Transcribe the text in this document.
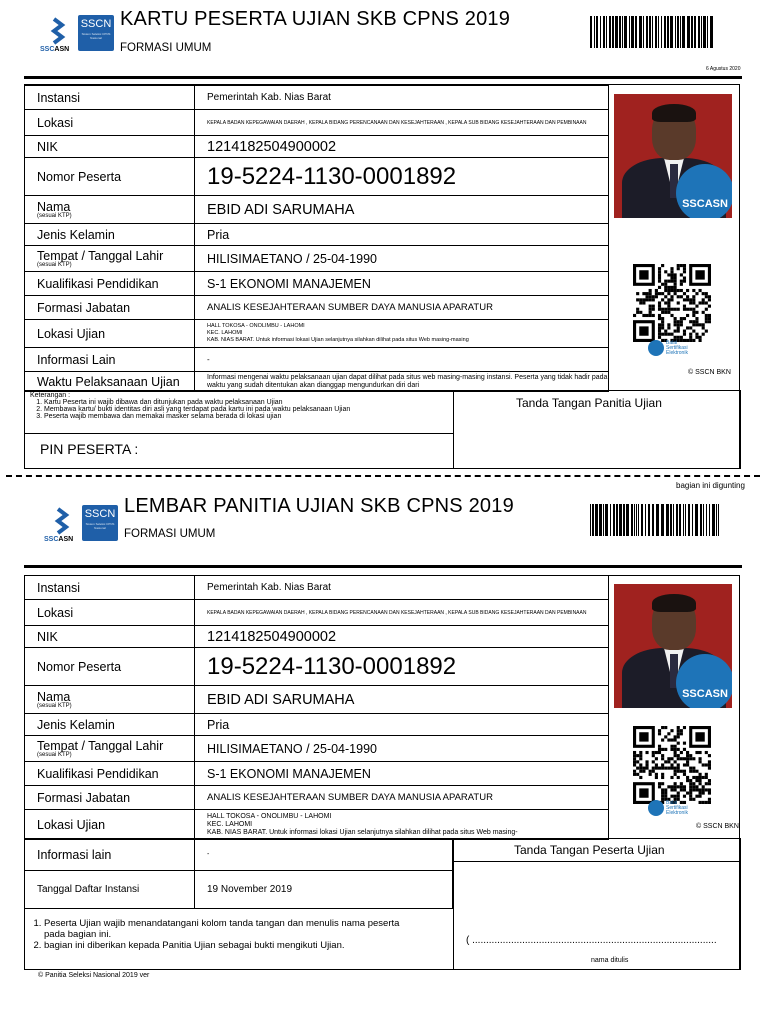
SSCASN
SSCN
Sistem Seleksi CPNS Nasional
KARTU PESERTA UJIAN SKB CPNS 2019
FORMASI UMUM
6 Agustus 2020
Instansi	Pemerintah Kab. Nias Barat
Lokasi	KEPALA BADAN KEPEGAWAIAN DAERAH , KEPALA BIDANG PERENCANAAN DAN KESEJAHTERAAN , KEPALA SUB BIDANG KESEJAHTERAAN DAN PEMBINAAN
NIK	1214182504900002
Nomor Peserta	19-5224-1130-0001892
Nama
(sesuai KTP)	EBID ADI SARUMAHA
Jenis Kelamin	Pria
Tempat / Tanggal Lahir
(sesuai KTP)	HILISIMAETANO / 25-04-1990
Kualifikasi Pendidikan	S-1 EKONOMI MANAJEMEN
Formasi Jabatan	ANALIS KESEJAHTERAAN SUMBER DAYA MANUSIA APARATUR
Lokasi Ujian	HALL TOKOSA - ONOLIMBU - LAHOMI
KEC. LAHOMI
KAB. NIAS BARAT. Untuk informasi lokasi Ujian selanjutnya silahkan dilihat pada situs Web masing-masing

Informasi Lain	-
Waktu Pelaksanaan Ujian	Informasi mengenai waktu pelaksanaan ujian dapat dilihat pada situs web masing-masing instansi. Peserta yang tidak hadir pada waktu yang sudah ditentukan akan dianggap mengundurkan diri dari
SSCASN
Balai
Sertifikasi
Elektronik
© SSCN BKN
Keterangan :
1. Kartu Peserta ini wajib dibawa dan ditunjukan pada waktu pelaksanaan Ujian
2. Membawa kartu/ bukti identitas diri asli yang terdapat pada kartu ini pada waktu pelaksanaan Ujian
3. Peserta wajib membawa dan memakai masker selama berada di lokasi ujian
Tanda Tangan Panitia Ujian
PIN PESERTA :
bagian ini digunting
SSCASN
SSCN
Sistem Seleksi CPNS Nasional
LEMBAR PANITIA UJIAN SKB CPNS 2019
FORMASI UMUM
Instansi	Pemerintah Kab. Nias Barat
Lokasi	KEPALA BADAN KEPEGAWAIAN DAERAH , KEPALA BIDANG PERENCANAAN DAN KESEJAHTERAAN , KEPALA SUB BIDANG KESEJAHTERAAN DAN PEMBINAAN
NIK	1214182504900002
Nomor Peserta	19-5224-1130-0001892
Nama
(sesuai KTP)	EBID ADI SARUMAHA
Jenis Kelamin	Pria
Tempat / Tanggal Lahir
(sesuai KTP)	HILISIMAETANO / 25-04-1990
Kualifikasi Pendidikan	S-1 EKONOMI MANAJEMEN
Formasi Jabatan	ANALIS KESEJAHTERAAN SUMBER DAYA MANUSIA APARATUR
Lokasi Ujian	HALL TOKOSA - ONOLIMBU - LAHOMI
KEC. LAHOMI
KAB. NIAS BARAT. Untuk informasi lokasi Ujian selanjutnya silahkan dilihat pada situs Web masing-
Informasi lain	-
Tanggal Daftar Instansi	19 November 2019
SSCASN
Balai
Sertifikasi
Elektronik
© SSCN BKN
Tanda Tangan Peserta Ujian
( ........................................................................................
nama ditulis
1. Peserta Ujian wajib menandatangani kolom tanda tangan dan menulis nama peserta pada bagian ini.
2. bagian ini diberikan kepada Panitia Ujian sebagai bukti mengikuti Ujian.
© Panitia Seleksi Nasional 2019 ver
